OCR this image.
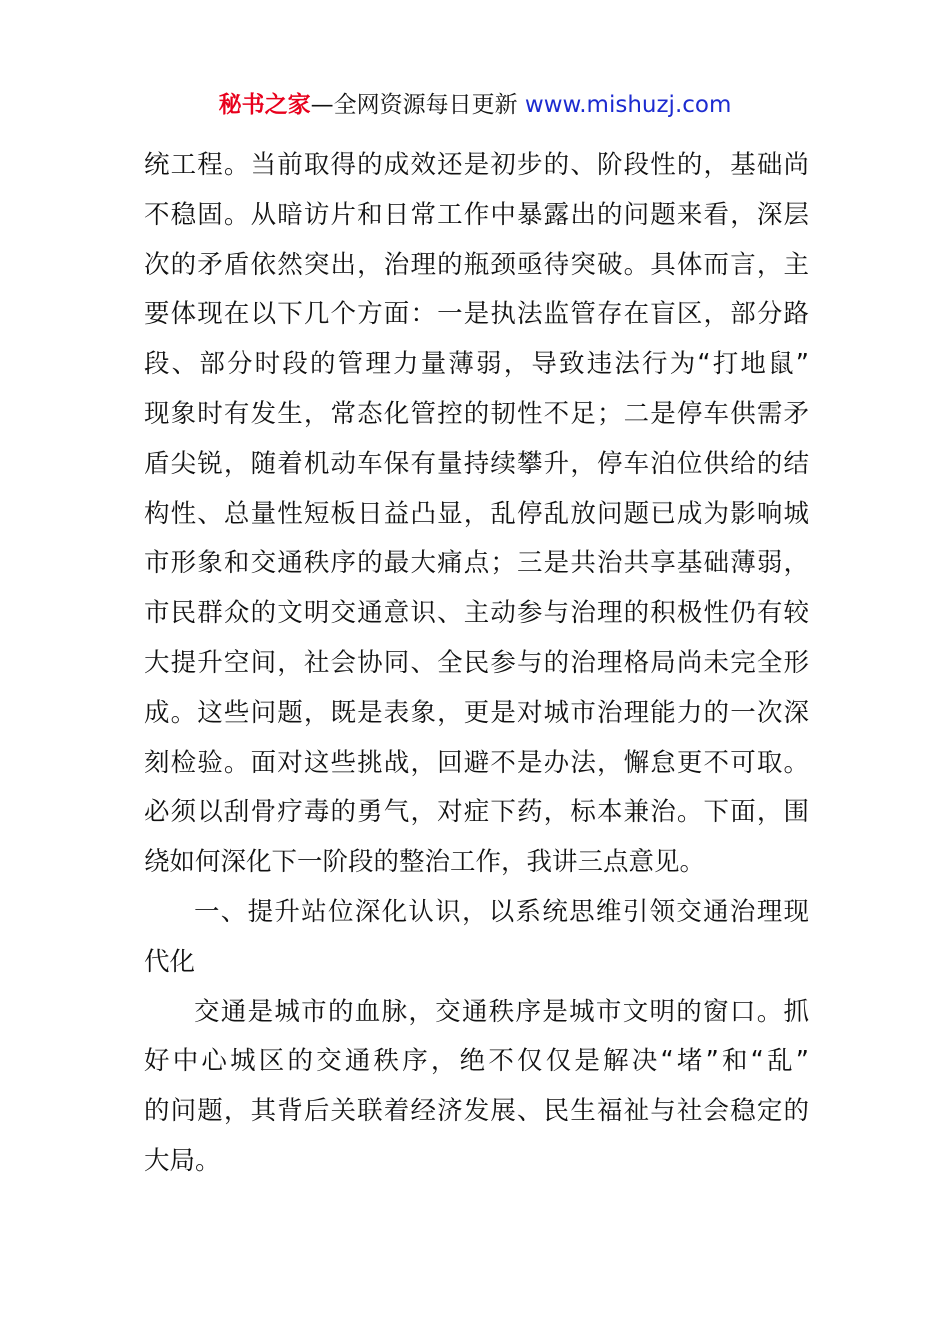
秘书之家—全网资源每日更新 www.mishuzj.com
统工程。当前取得的成效还是初步的、阶段性的，基础尚
不稳固。从暗访片和日常工作中暴露出的问题来看，深层
次的矛盾依然突出，治理的瓶颈亟待突破。具体而言，主
要体现在以下几个方面：一是执法监管存在盲区，部分路
段、部分时段的管理力量薄弱，导致违法行为“打地鼠”
现象时有发生，常态化管控的韧性不足；二是停车供需矛
盾尖锐，随着机动车保有量持续攀升，停车泊位供给的结
构性、总量性短板日益凸显，乱停乱放问题已成为影响城
市形象和交通秩序的最大痛点；三是共治共享基础薄弱，
市民群众的文明交通意识、主动参与治理的积极性仍有较
大提升空间，社会协同、全民参与的治理格局尚未完全形
成。这些问题，既是表象，更是对城市治理能力的一次深
刻检验。面对这些挑战，回避不是办法，懈怠更不可取。
必须以刮骨疗毒的勇气，对症下药，标本兼治。下面，围
绕如何深化下一阶段的整治工作，我讲三点意见。
一、提升站位深化认识，以系统思维引领交通治理现
代化
交通是城市的血脉，交通秩序是城市文明的窗口。抓
好中心城区的交通秩序，绝不仅仅是解决“堵”和“乱”
的问题，其背后关联着经济发展、民生福祉与社会稳定的
大局。
